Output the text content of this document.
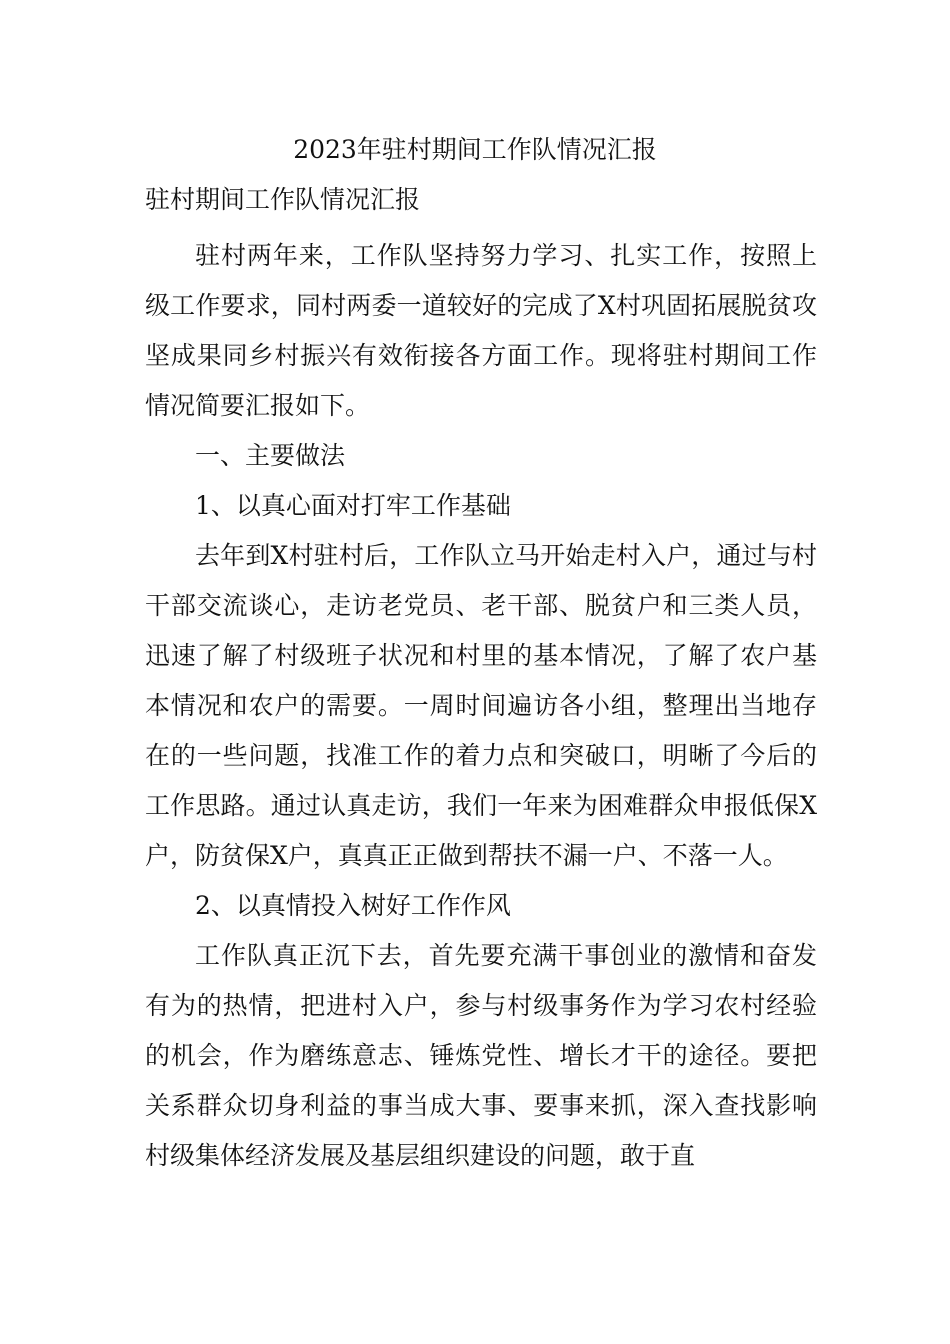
2023年驻村期间工作队情况汇报
驻村期间工作队情况汇报

驻村两年来，工作队坚持努力学习、扎实工作，按照上级工作要求，同村两委一道较好的完成了X村巩固拓展脱贫攻坚成果同乡村振兴有效衔接各方面工作。现将驻村期间工作情况简要汇报如下。

一、主要做法

1、以真心面对打牢工作基础

去年到X村驻村后，工作队立马开始走村入户，通过与村干部交流谈心，走访老党员、老干部、脱贫户和三类人员，迅速了解了村级班子状况和村里的基本情况，了解了农户基本情况和农户的需要。一周时间遍访各小组，整理出当地存在的一些问题，找准工作的着力点和突破口，明晰了今后的工作思路。通过认真走访，我们一年来为困难群众申报低保X户，防贫保X户，真真正正做到帮扶不漏一户、不落一人。

2、以真情投入树好工作作风

工作队真正沉下去，首先要充满干事创业的激情和奋发有为的热情，把进村入户，参与村级事务作为学习农村经验的机会，作为磨练意志、锤炼党性、增长才干的途径。要把关系群众切身利益的事当成大事、要事来抓，深入查找影响村级集体经济发展及基层组织建设的问题，敢于直
